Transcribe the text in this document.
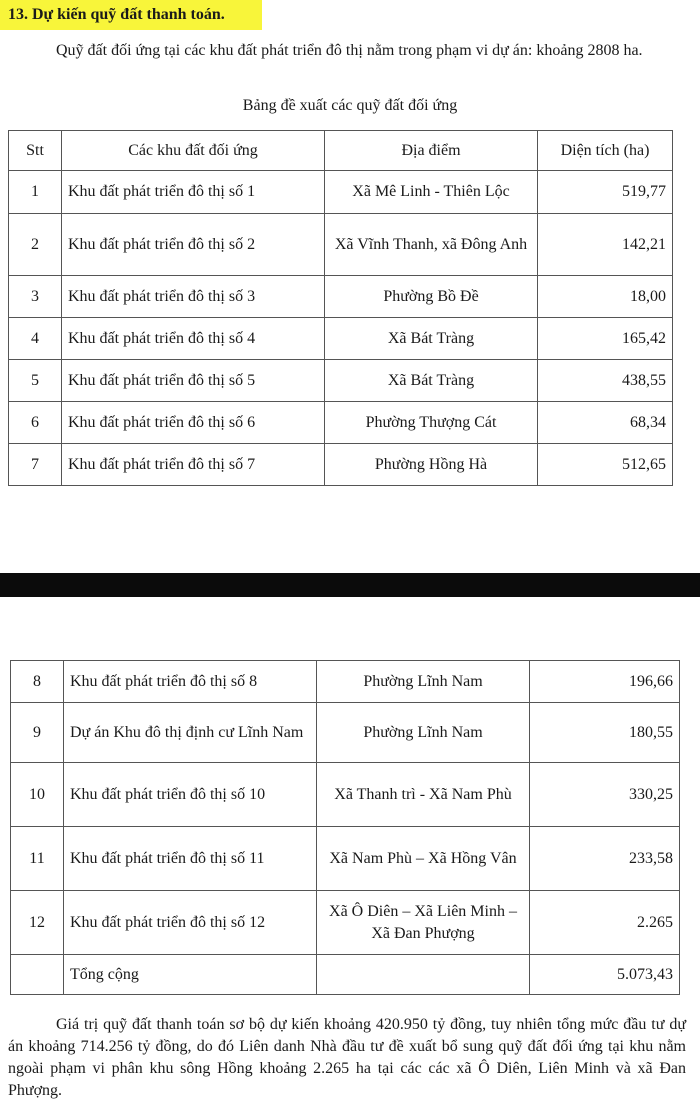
13. Dự kiến quỹ đất thanh toán.
Quỹ đất đối ứng tại các khu đất phát triển đô thị nằm trong phạm vi dự án: khoảng 2808 ha.
Bảng đề xuất các quỹ đất đối ứng
Stt	Các khu đất đối ứng	Địa điểm	Diện tích (ha)
1	Khu đất phát triển đô thị số 1	Xã Mê Linh - Thiên Lộc	519,77
2	Khu đất phát triển đô thị số 2	Xã Vĩnh Thanh, xã Đông Anh	142,21
3	Khu đất phát triển đô thị số 3	Phường Bồ Đề	18,00
4	Khu đất phát triển đô thị số 4	Xã Bát Tràng	165,42
5	Khu đất phát triển đô thị số 5	Xã Bát Tràng	438,55
6	Khu đất phát triển đô thị số 6	Phường Thượng Cát	68,34
7	Khu đất phát triển đô thị số 7	Phường Hồng Hà	512,65
8	Khu đất phát triển đô thị số 8	Phường Lĩnh Nam	196,66
9	Dự án Khu đô thị định cư Lĩnh Nam	Phường Lĩnh Nam	180,55
10	Khu đất phát triển đô thị số 10	Xã Thanh trì - Xã Nam Phù	330,25
11	Khu đất phát triển đô thị số 11	Xã Nam Phù – Xã Hồng Vân	233,58
12	Khu đất phát triển đô thị số 12	Xã Ô Diên – Xã Liên Minh – Xã Đan Phượng	2.265
	Tổng cộng		5.073,43
Giá trị quỹ đất thanh toán sơ bộ dự kiến khoảng 420.950 tỷ đồng, tuy nhiên tổng mức đầu tư dự án khoảng 714.256 tỷ đồng, do đó Liên danh Nhà đầu tư đề xuất bổ sung quỹ đất đối ứng tại khu nằm ngoài phạm vi phân khu sông Hồng khoảng 2.265 ha tại các các xã Ô Diên, Liên Minh và xã Đan Phượng.
